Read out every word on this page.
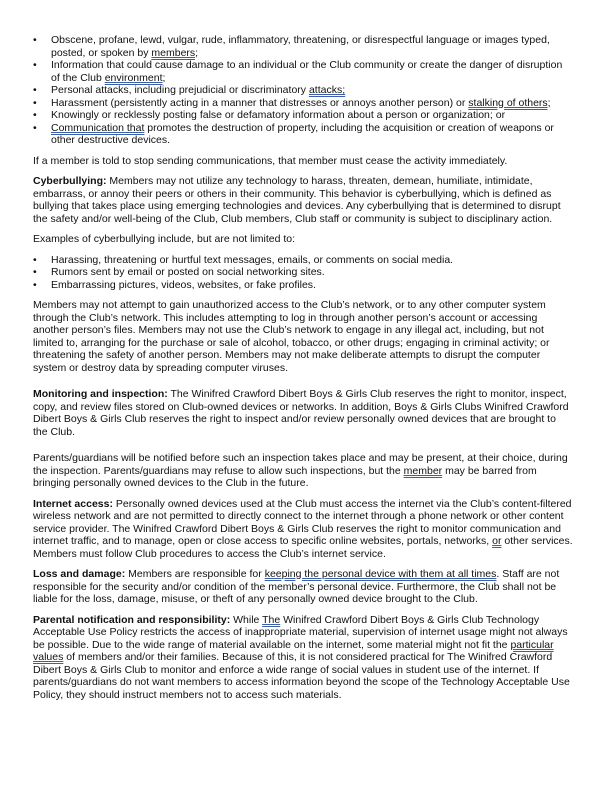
• Obscene, profane, lewd, vulgar, rude, inflammatory, threatening, or disrespectful language or images typed, posted, or spoken by members;
• Information that could cause damage to an individual or the Club community or create the danger of disruption of the Club environment;
• Personal attacks, including prejudicial or discriminatory attacks;
• Harassment (persistently acting in a manner that distresses or annoys another person) or stalking of others;
• Knowingly or recklessly posting false or defamatory information about a person or organization; or
• Communication that promotes the destruction of property, including the acquisition or creation of weapons or other destructive devices.

If a member is told to stop sending communications, that member must cease the activity immediately.

Cyberbullying: Members may not utilize any technology to harass, threaten, demean, humiliate, intimidate, embarrass, or annoy their peers or others in their community. This behavior is cyberbullying, which is defined as bullying that takes place using emerging technologies and devices. Any cyberbullying that is determined to disrupt the safety and/or well-being of the Club, Club members, Club staff or community is subject to disciplinary action.

Examples of cyberbullying include, but are not limited to:

• Harassing, threatening or hurtful text messages, emails, or comments on social media.
• Rumors sent by email or posted on social networking sites.
• Embarrassing pictures, videos, websites, or fake profiles.

Members may not attempt to gain unauthorized access to the Club’s network, or to any other computer system through the Club’s network. This includes attempting to log in through another person’s account or accessing another person’s files. Members may not use the Club’s network to engage in any illegal act, including, but not limited to, arranging for the purchase or sale of alcohol, tobacco, or other drugs; engaging in criminal activity; or threatening the safety of another person. Members may not make deliberate attempts to disrupt the computer system or destroy data by spreading computer viruses.

Monitoring and inspection: The Winifred Crawford Dibert Boys & Girls Club reserves the right to monitor, inspect, copy, and review files stored on Club-owned devices or networks. In addition, Boys & Girls Clubs Winifred Crawford Dibert Boys & Girls Club reserves the right to inspect and/or review personally owned devices that are brought to the Club.

Parents/guardians will be notified before such an inspection takes place and may be present, at their choice, during the inspection. Parents/guardians may refuse to allow such inspections, but the member may be barred from bringing personally owned devices to the Club in the future.

Internet access: Personally owned devices used at the Club must access the internet via the Club’s content-filtered wireless network and are not permitted to directly connect to the internet through a phone network or other content service provider. The Winifred Crawford Dibert Boys & Girls Club reserves the right to monitor communication and internet traffic, and to manage, open or close access to specific online websites, portals, networks, or other services. Members must follow Club procedures to access the Club’s internet service.

Loss and damage: Members are responsible for keeping the personal device with them at all times. Staff are not responsible for the security and/or condition of the member’s personal device. Furthermore, the Club shall not be liable for the loss, damage, misuse, or theft of any personally owned device brought to the Club.

Parental notification and responsibility: While The Winifred Crawford Dibert Boys & Girls Club Technology Acceptable Use Policy restricts the access of inappropriate material, supervision of internet usage might not always be possible. Due to the wide range of material available on the internet, some material might not fit the particular values of members and/or their families. Because of this, it is not considered practical for The Winifred Crawford Dibert Boys & Girls Club to monitor and enforce a wide range of social values in student use of the internet. If parents/guardians do not want members to access information beyond the scope of the Technology Acceptable Use Policy, they should instruct members not to access such materials.
